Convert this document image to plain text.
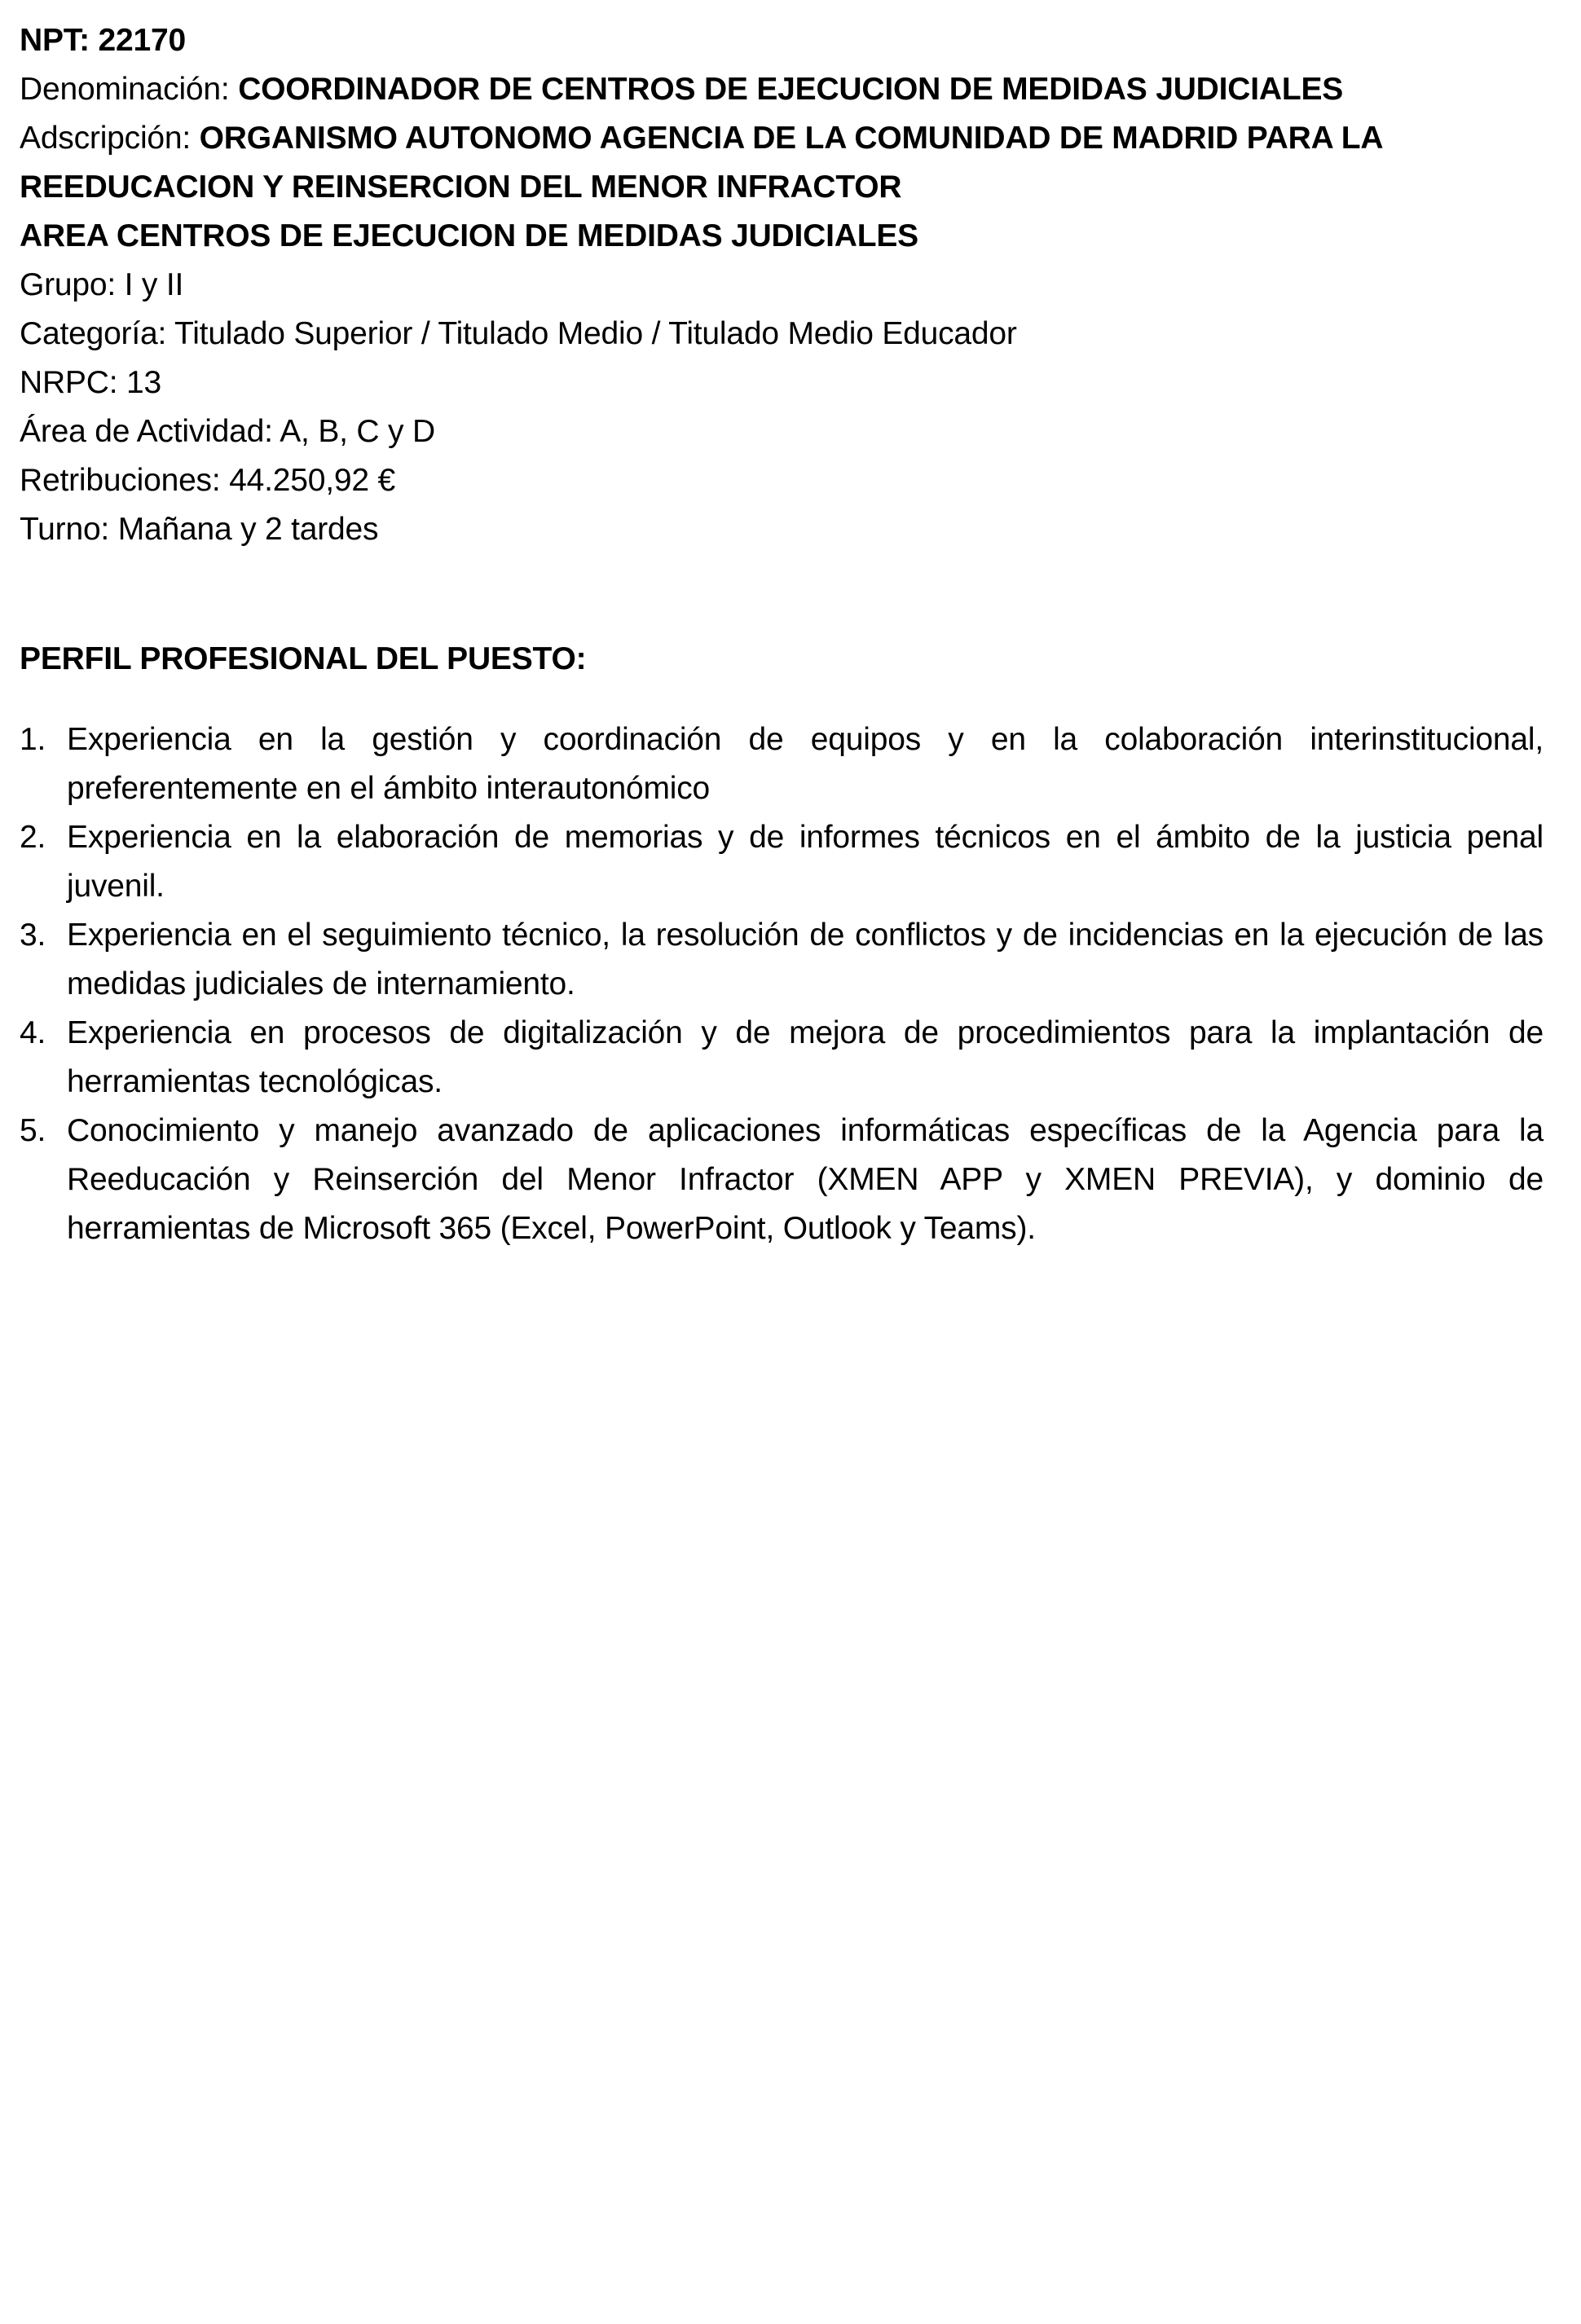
NPT: 22170

Denominación: COORDINADOR DE CENTROS DE EJECUCION DE MEDIDAS JUDICIALES

Adscripción: ORGANISMO AUTONOMO AGENCIA DE LA COMUNIDAD DE MADRID PARA LA REEDUCACION Y REINSERCION DEL MENOR INFRACTOR

AREA CENTROS DE EJECUCION DE MEDIDAS JUDICIALES

Grupo: I y II

Categoría: Titulado Superior / Titulado Medio / Titulado Medio Educador

NRPC: 13

Área de Actividad: A, B, C y D

Retribuciones: 44.250,92 €

Turno: Mañana y 2 tardes

PERFIL PROFESIONAL DEL PUESTO:

1. Experiencia en la gestión y coordinación de equipos y en la colaboración interinstitucional, preferentemente en el ámbito interautonómico
2. Experiencia en la elaboración de memorias y de informes técnicos en el ámbito de la justicia penal juvenil.
3. Experiencia en el seguimiento técnico, la resolución de conflictos y de incidencias en la ejecución de las medidas judiciales de internamiento.
4. Experiencia en procesos de digitalización y de mejora de procedimientos para la implantación de herramientas tecnológicas.
5. Conocimiento y manejo avanzado de aplicaciones informáticas específicas de la Agencia para la Reeducación y Reinserción del Menor Infractor (XMEN APP y XMEN PREVIA), y dominio de herramientas de Microsoft 365 (Excel, PowerPoint, Outlook y Teams).
